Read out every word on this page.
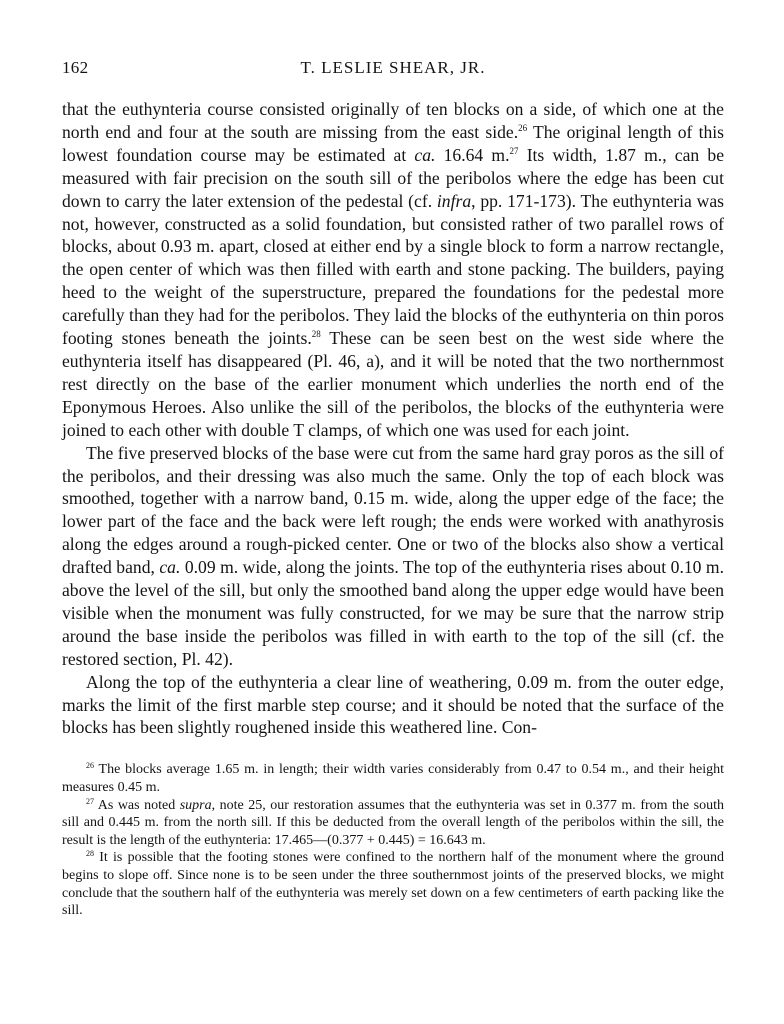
162	T. LESLIE SHEAR, JR.

that the euthynteria course consisted originally of ten blocks on a side, of which one at the north end and four at the south are missing from the east side.$^{26}$ The original length of this lowest foundation course may be estimated at ca. 16.64 m.$^{27}$ Its width, 1.87 m., can be measured with fair precision on the south sill of the peribolos where the edge has been cut down to carry the later extension of the pedestal (cf. infra, pp. 171-173). The euthynteria was not, however, constructed as a solid foundation, but consisted rather of two parallel rows of blocks, about 0.93 m. apart, closed at either end by a single block to form a narrow rectangle, the open center of which was then filled with earth and stone packing. The builders, paying heed to the weight of the superstructure, prepared the foundations for the pedestal more carefully than they had for the peribolos. They laid the blocks of the euthynteria on thin poros footing stones beneath the joints.$^{28}$ These can be seen best on the west side where the euthynteria itself has disappeared (Pl. 46, a), and it will be noted that the two northernmost rest directly on the base of the earlier monument which underlies the north end of the Eponymous Heroes. Also unlike the sill of the peribolos, the blocks of the euthynteria were joined to each other with double T clamps, of which one was used for each joint.

The five preserved blocks of the base were cut from the same hard gray poros as the sill of the peribolos, and their dressing was also much the same. Only the top of each block was smoothed, together with a narrow band, 0.15 m. wide, along the upper edge of the face; the lower part of the face and the back were left rough; the ends were worked with anathyrosis along the edges around a rough-picked center. One or two of the blocks also show a vertical drafted band, ca. 0.09 m. wide, along the joints. The top of the euthynteria rises about 0.10 m. above the level of the sill, but only the smoothed band along the upper edge would have been visible when the monument was fully constructed, for we may be sure that the narrow strip around the base inside the peribolos was filled in with earth to the top of the sill (cf. the restored section, Pl. 42).

Along the top of the euthynteria a clear line of weathering, 0.09 m. from the outer edge, marks the limit of the first marble step course; and it should be noted that the surface of the blocks has been slightly roughened inside this weathered line. Con-

$^{26}$ The blocks average 1.65 m. in length; their width varies considerably from 0.47 to 0.54 m., and their height measures 0.45 m.

$^{27}$ As was noted supra, note 25, our restoration assumes that the euthynteria was set in 0.377 m. from the south sill and 0.445 m. from the north sill. If this be deducted from the overall length of the peribolos within the sill, the result is the length of the euthynteria: 17.465—(0.377 + 0.445) = 16.643 m.

$^{28}$ It is possible that the footing stones were confined to the northern half of the monument where the ground begins to slope off. Since none is to be seen under the three southernmost joints of the preserved blocks, we might conclude that the southern half of the euthynteria was merely set down on a few centimeters of earth packing like the sill.
